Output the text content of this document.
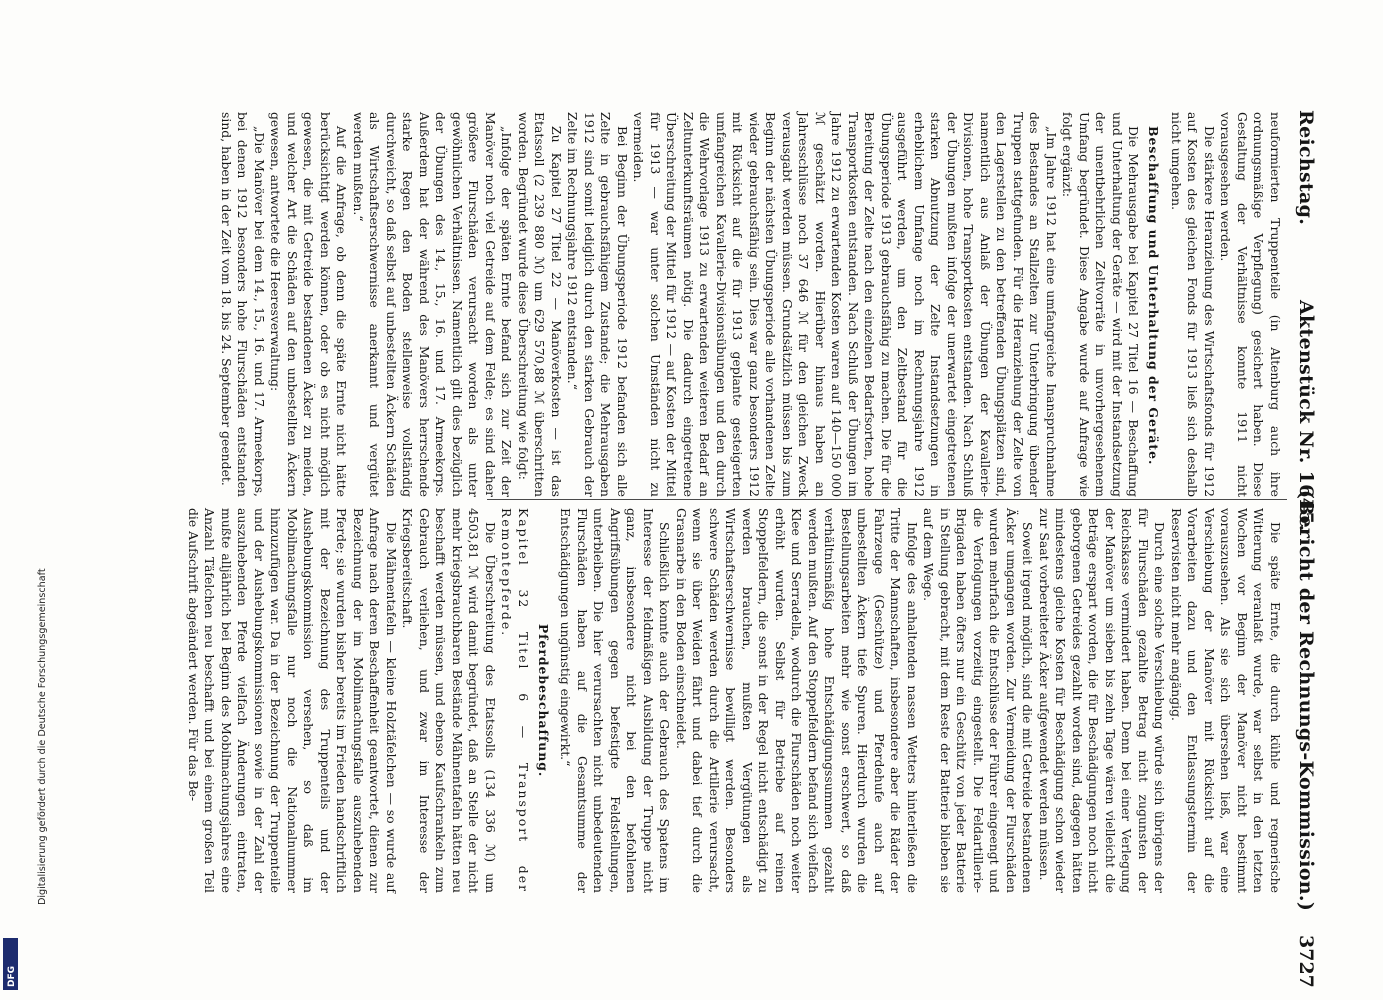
Reichstag.
Aktenstück Nr. 1645.
(Bericht der Rechnungs-Kommission.)
3727

neuformierten Truppenteile (in Altenburg auch ihre ordnungsmäßige Verpflegung) gesichert haben. Diese Gestaltung der Verhältnisse konnte 1911 nicht vorausgesehen werden.

Die stärkere Heranziehung des Wirtschaftsfonds für 1912 auf Kosten des gleichen Fonds für 1913 ließ sich deshalb nicht umgehen.

Beschaffung und Unterhaltung der Geräte.

Die Mehrausgabe bei Kapitel 27 Titel 16 — Beschaffung und Unterhaltung der Geräte — wird mit der Instandsetzung der unentbehrlichen Zeltvorräte in unvorhergesehenem Umfang begründet. Diese Angabe wurde auf Anfrage wie folgt ergänzt:

„Im Jahre 1912 hat eine umfangreiche Inanspruchnahme des Bestandes an Stallzelten zur Unterbringung übender Truppen stattgefunden. Für die Heranziehung der Zelte von den Lagerstellen zu den betreffenden Übungsplätzen sind, namentlich aus Anlaß der Übungen der Kavallerie-Divisionen, hohe Transportkosten entstanden. Nach Schluß der Übungen mußten infolge der unerwartet eingetretenen starken Abnutzung der Zelte Instandsetzungen in erheblichem Umfange noch im Rechnungsjahre 1912 ausgeführt werden, um den Zeltbestand für die Übungsperiode 1913 gebrauchsfähig zu machen. Die für die Bereitung der Zelte nach den einzelnen Bedarfsorten, hohe Transportkosten entstanden. Nach Schluß der Übungen im Jahre 1912 zu erwartenden Kosten waren auf 140—150 000 ℳ geschätzt worden. Hierüber hinaus haben an Jahresschlüsse noch 37 646 ℳ für den gleichen Zweck verausgabt werden müssen. Grundsätzlich müssen bis zum Beginn der nächsten Übungsperiode alle vorhandenen Zelte wieder gebrauchsfähig sein. Dies war ganz besonders 1912 mit Rücksicht auf die für 1913 geplante gesteigerten umfangreichen Kavallerie-Divisionsübungen und den durch die Wehrvorlage 1913 zu erwartenden weiteren Bedarf an Zeltunterkunftsräumen nötig. Die dadurch eingetretene Überschreitung der Mittel für 1912 — auf Kosten der Mittel für 1913 — war unter solchen Umständen nicht zu vermeiden.

Bei Beginn der Übungsperiode 1912 befanden sich alle Zelte in gebrauchsfähigem Zustande; die Mehrausgaben 1912 sind somit lediglich durch den starken Gebrauch der Zelte im Rechnungsjahre 1912 entstanden.“

Zu Kapitel 27 Titel 22 — Manöverkosten — ist das Etatssoll (2 239 880 ℳ) um 629 570,88 ℳ überschritten worden. Begründet wurde diese Überschreitung wie folgt:

„Infolge der späten Ernte befand sich zur Zeit der Manöver noch viel Getreide auf dem Felde; es sind daher größere Flurschäden verursacht worden als unter gewöhnlichen Verhältnissen. Namentlich gilt dies bezüglich der Übungen des 14., 15., 16. und 17. Armeekorps. Außerdem hat der während des Manövers herrschende starke Regen den Boden stellenweise vollständig durchweicht, so daß selbst auf unbestellten Äckern Schäden als Wirtschaftserschwernisse anerkannt und vergütet werden mußten.“

Auf die Anfrage, ob denn die späte Ernte nicht hätte berücksichtigt werden können, oder ob es nicht möglich gewesen, die mit Getreide bestandenen Äcker zu meiden, und welcher Art die Schäden auf den unbestellten Äckern gewesen, antwortete die Heeresverwaltung:

„Die Manöver bei dem 14., 15., 16. und 17. Armeekorps, bei denen 1912 besonders hohe Flurschäden entstanden sind, haben in der Zeit vom 18. bis 24. September geendet.

Die späte Ernte, die durch kühle und regnerische Witterung veranlaßt wurde, war selbst in den letzten Wochen vor Beginn der Manöver nicht bestimmt vorauszusehen. Als sie sich übersehen ließ, war eine Verschiebung der Manöver mit Rücksicht auf die Vorarbeiten dazu und den Entlassungstermin der Reservisten nicht mehr angängig.

Durch eine solche Verschiebung würde sich übrigens der für Flurschäden gezahlte Betrag nicht zugunsten der Reichskasse vermindert haben. Denn bei einer Verlegung der Manöver um sieben bis zehn Tage wären vielleicht die Beträge erspart worden, die für Beschädigungen noch nicht geborgenen Getreides gezahlt worden sind, dagegen hätten mindestens gleiche Kosten für Beschädigung schon wieder zur Saat vorbereiteter Äcker aufgewendet werden müssen.

Soweit irgend möglich, sind die mit Getreide bestandenen Äcker umgangen worden. Zur Vermeidung der Flurschäden wurden mehrfach die Entschlüsse der Führer eingeengt und die Verfolgungen vorzeitig eingestellt. Die Feldartillerie-Brigaden haben öfters nur ein Geschütz von jeder Batterie in Stellung gebracht, mit dem Reste der Batterie blieben sie auf dem Wege.

Infolge des anhaltenden nassen Wetters hinterließen die Tritte der Mannschaften, insbesondere aber die Räder der Fahrzeuge (Geschütze) und Pferdehufe auch auf unbestellten Äckern tiefe Spuren. Hierdurch wurden die Bestellungsarbeiten mehr wie sonst erschwert, so daß verhältnismäßig hohe Entschädigungssummen gezahlt werden mußten. Auf den Stoppelfeldern befand sich vielfach Klee und Serradella, wodurch die Flurschäden noch weiter erhöht wurden. Selbst für Betriebe auf reinen Stoppelfeldern, die sonst in der Regel nicht entschädigt zu werden brauchen, mußten Vergütungen als Wirtschaftserschwernisse bewilligt werden. Besonders schwere Schäden werden durch die Artillerie verursacht, wenn sie über Weiden fährt und dabei tief durch die Grasnarbe in den Boden einschneidet.

Schließlich konnte auch der Gebrauch des Spatens im Interesse der feldmäßigen Ausbildung der Truppe nicht ganz, insbesondere nicht bei den befohlenen Angriffsübungen gegen befestigte Feldstellungen, unterbleiben. Die hier verursachten nicht unbedeutenden Flurschäden haben auf die Gesamtsumme der Entschädigungen ungünstig eingewirkt.“

Pferdebeschaffung.

Kapitel 32 Titel 6 — Transport der Remontepferde.

Die Überschreitung des Etatssolls (134 336 ℳ) um 4503,81 ℳ wird damit begründet, daß an Stelle der nicht mehr kriegsbrauchbaren Bestände Mähnentafeln hätten neu beschafft werden müssen, und ebenso Kaufschrankeln zum Gebrauch verliehen, und zwar im Interesse der Kriegsbereitschaft.

Die Mähnentafeln — kleine Holztäfelchen — so wurde auf Anfrage nach deren Beschaffenheit geantwortet, dienen zur Bezeichnung der im Mobilmachungsfalle auszuhebenden Pferde; sie wurden bisher bereits im Frieden handschriftlich mit der Bezeichnung des Truppenteils und der Aushebungskommission versehen, so daß im Mobilmachungsfalle nur noch die Nationalnummer hinzuzufügen war. Da in der Bezeichnung der Truppenteile und der Aushebungskommissionen sowie in der Zahl der auszuhebenden Pferde vielfach Änderungen eintraten, mußte alljährlich bei Beginn des Mobilmachungsjahres eine Anzahl Täfelchen neu beschafft und bei einem großen Teil die Aufschrift abgeändert werden. Für das Be-

Digitalisierung gefördert durch die Deutsche Forschungsgemeinschaft
DFG
